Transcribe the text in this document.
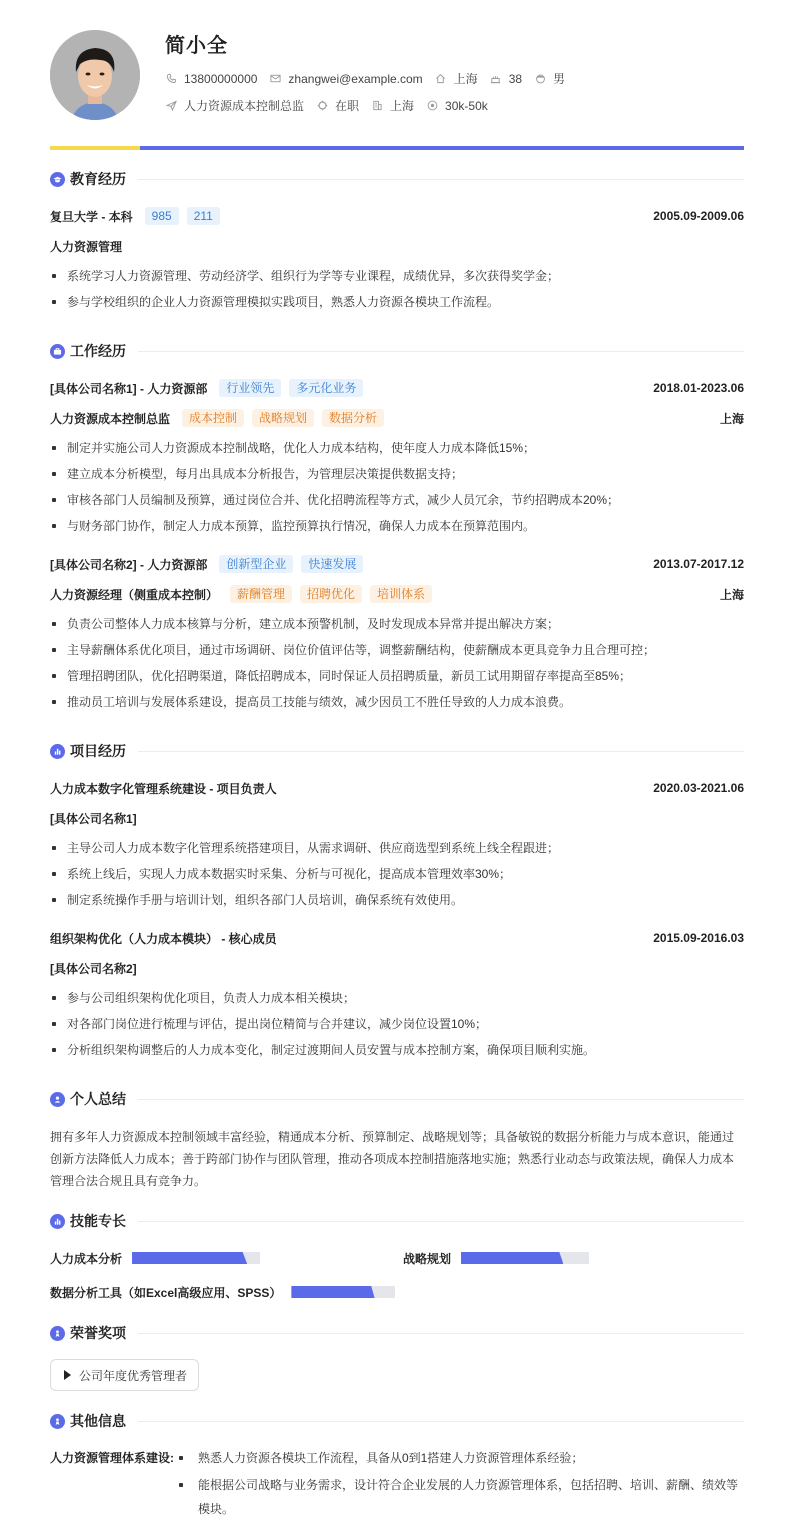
简小全
13800000000	zhangwei@example.com	上海	38	男
人力资源成本控制总监	在职	上海	30k-50k
教育经历
复旦大学 - 本科	985	211	2005.09-2009.06
人力资源管理
系统学习人力资源管理、劳动经济学、组织行为学等专业课程，成绩优异，多次获得奖学金；
参与学校组织的企业人力资源管理模拟实践项目，熟悉人力资源各模块工作流程。
工作经历
[具体公司名称1] - 人力资源部	行业领先	多元化业务	2018.01-2023.06
人力资源成本控制总监	成本控制	战略规划	数据分析	上海
制定并实施公司人力资源成本控制战略，优化人力成本结构，使年度人力成本降低15%；
建立成本分析模型，每月出具成本分析报告，为管理层决策提供数据支持；
审核各部门人员编制及预算，通过岗位合并、优化招聘流程等方式，减少人员冗余，节约招聘成本20%；
与财务部门协作，制定人力成本预算，监控预算执行情况，确保人力成本在预算范围内。
[具体公司名称2] - 人力资源部	创新型企业	快速发展	2013.07-2017.12
人力资源经理（侧重成本控制）	薪酬管理	招聘优化	培训体系	上海
负责公司整体人力成本核算与分析，建立成本预警机制，及时发现成本异常并提出解决方案；
主导薪酬体系优化项目，通过市场调研、岗位价值评估等，调整薪酬结构，使薪酬成本更具竞争力且合理可控；
管理招聘团队，优化招聘渠道，降低招聘成本，同时保证人员招聘质量，新员工试用期留存率提高至85%；
推动员工培训与发展体系建设，提高员工技能与绩效，减少因员工不胜任导致的人力成本浪费。
项目经历
人力成本数字化管理系统建设 - 项目负责人	2020.03-2021.06
[具体公司名称1]
主导公司人力成本数字化管理系统搭建项目，从需求调研、供应商选型到系统上线全程跟进；
系统上线后，实现人力成本数据实时采集、分析与可视化，提高成本管理效率30%；
制定系统操作手册与培训计划，组织各部门人员培训，确保系统有效使用。
组织架构优化（人力成本模块） - 核心成员	2015.09-2016.03
[具体公司名称2]
参与公司组织架构优化项目，负责人力成本相关模块；
对各部门岗位进行梳理与评估，提出岗位精简与合并建议，减少岗位设置10%；
分析组织架构调整后的人力成本变化，制定过渡期间人员安置与成本控制方案，确保项目顺利实施。
个人总结
拥有多年人力资源成本控制领域丰富经验，精通成本分析、预算制定、战略规划等；具备敏锐的数据分析能力与成本意识，能通过创新方法降低人力成本；善于跨部门协作与团队管理，推动各项成本控制措施落地实施；熟悉行业动态与政策法规，确保人力成本管理合法合规且具有竞争力。
技能专长
人力成本分析	战略规划
数据分析工具（如Excel高级应用、SPSS）
荣誉奖项
公司年度优秀管理者
其他信息
人力资源管理体系建设:	熟悉人力资源各模块工作流程，具备从0到1搭建人力资源管理体系经验；
能根据公司战略与业务需求，设计符合企业发展的人力资源管理体系，包括招聘、培训、薪酬、绩效等模块。
